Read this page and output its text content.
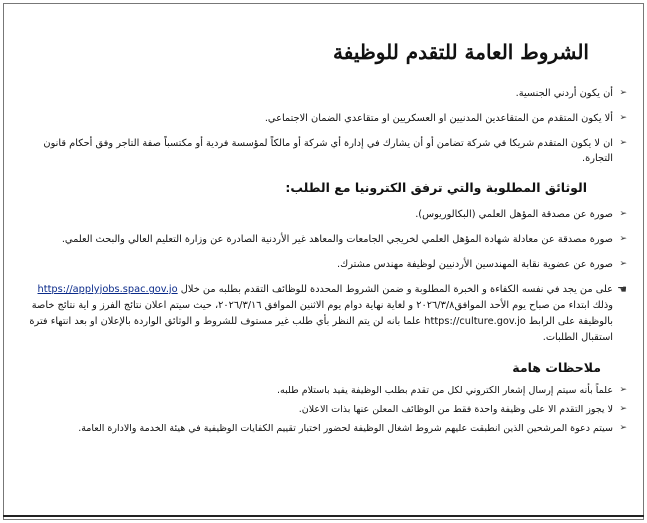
الشروط العامة للتقدم للوظيفة
➢
أن يكون أردني الجنسية.
➢
ألا يكون المتقدم من المتقاعدين المدنيين او العسكريين او متقاعدي الضمان الاجتماعي.
➢
ان لا يكون المتقدم شريكا في شركة تضامن أو أن يشارك في إدارة أي شركة أو مالكاً لمؤسسة فردية أو مكتسباً صفة التاجر وفق أحكام قانون التجارة.
الوثائق المطلوبة والتي ترفق الكترونيا مع الطلب:
➢
صورة عن مصدقة المؤهل العلمي (البكالوريوس).
➢
صورة مصدقة عن معادلة شهادة المؤهل العلمي لخريجي الجامعات والمعاهد غير الأردنية الصادرة عن وزارة التعليم العالي والبحث العلمي.
➢
صورة عن عضوية نقابة المهندسين الأردنيين لوظيفة مهندس مشترك.
☚
على من يجد في نفسه الكفاءة و الخبرة المطلوبة و ضمن الشروط المحددة للوظائف التقدم بطلبه من خلال https://applyjobs.spac.gov.jo وذلك ابتداء من صباح يوم الأحد الموافق٢٠٢٦/٣/٨ و لغاية نهاية دوام يوم الاثنين الموافق ٢٠٢٦/٣/١٦، حيث سيتم اعلان نتائج الفرز و اية نتائج خاصة بالوظيفة على الرابط https://culture.gov.jo علما بانه لن يتم النظر بأي طلب غير مستوف للشروط و الوثائق الواردة بالإعلان او بعد انتهاء فترة استقبال الطلبات.
ملاحظات هامة
➢
علماً بأنه سيتم إرسال إشعار الكتروني لكل من تقدم بطلب الوظيفة يفيد باستلام طلبه.
➢
لا يجوز التقدم الا على وظيفة واحدة فقط من الوظائف المعلن عنها بذات الاعلان.
➢
سيتم دعوة المرشحين الذين انطبقت عليهم شروط اشغال الوظيفة لحضور اختبار تقييم الكفايات الوظيفية في هيئة الخدمة والادارة العامة.
